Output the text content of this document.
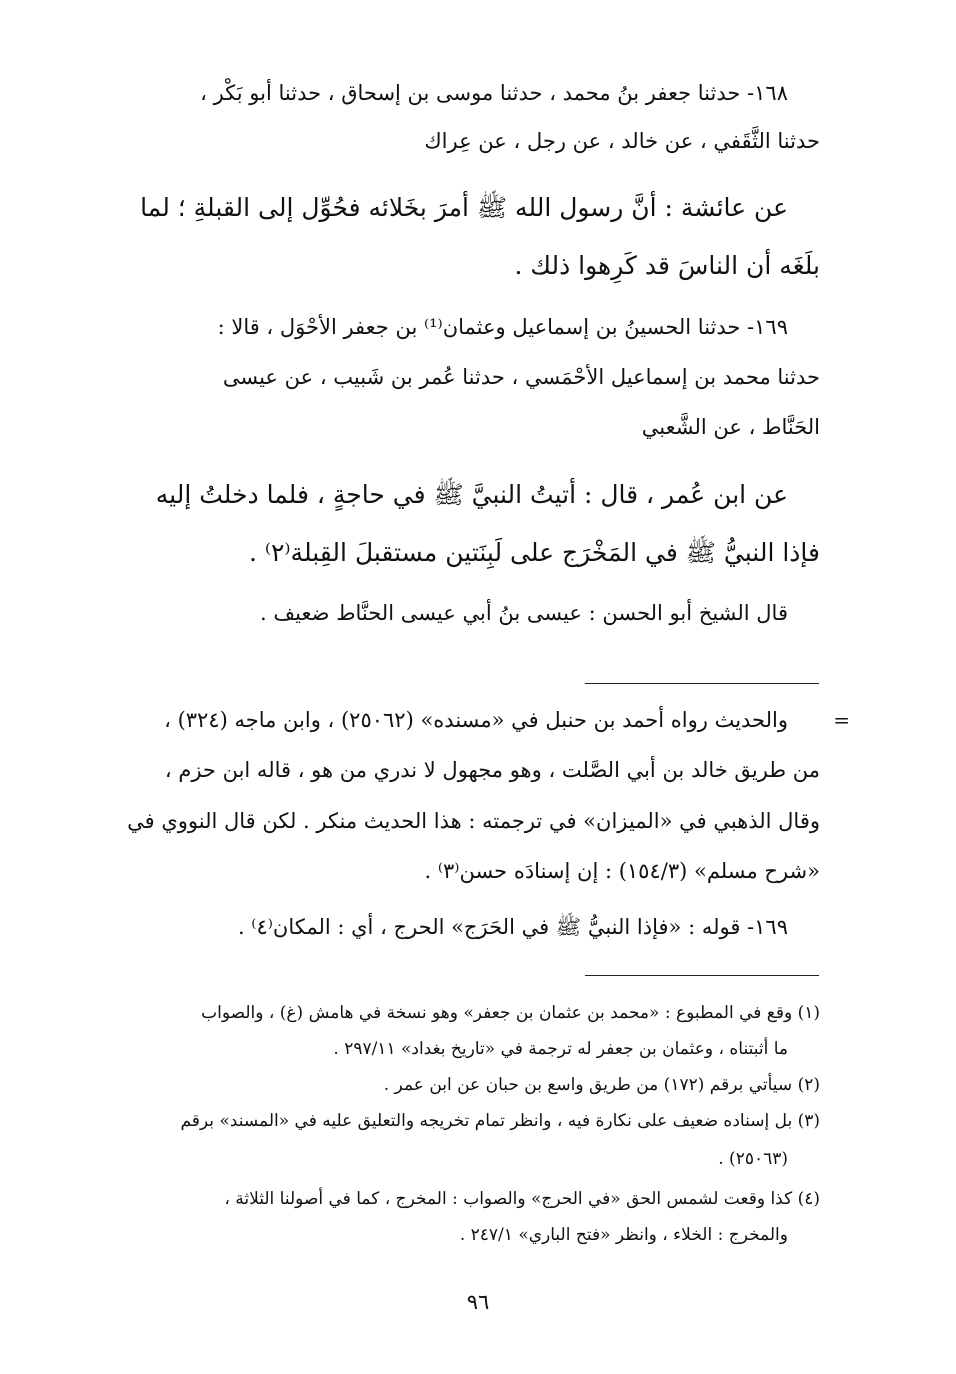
١٦٨- حدثنا جعفر بنُ محمد ، حدثنا موسى بن إسحاق ، حدثنا أبو بَكْر ،
حدثنا الثَّقَفي ، عن خالد ، عن رجل ، عن عِراك
عن عائشة : أنَّ رسول الله ﷺ أمرَ بخَلائه فحُوِّل إلى القبلةِ ؛ لما
بلَغَه أن الناسَ قد كَرِهوا ذلك .
١٦٩- حدثنا الحسينُ بن إسماعيل وعثمان⁽¹⁾ بن جعفر الأحْوَل ، قالا :
حدثنا محمد بن إسماعيل الأحْمَسي ، حدثنا عُمر بن شَبيب ، عن عيسى
الحَنَّاط ، عن الشَّعبي
عن ابن عُمر ، قال : أتيتُ النبيَّ ﷺ في حاجةٍ ، فلما دخلتُ إليه
فإذا النبيُّ ﷺ في المَخْرَج على لَبِنَتين مستقبلَ القِبلة⁽٢⁾ .
قال الشيخ أبو الحسن : عيسى بنُ أبي عيسى الحنَّاط ضعيف .
=
والحديث رواه أحمد بن حنبل في «مسنده» (٢٥٠٦٢) ، وابن ماجه (٣٢٤) ،
من طريق خالد بن أبي الصَّلت ، وهو مجهول لا ندري من هو ، قاله ابن حزم ،
وقال الذهبي في «الميزان» في ترجمته : هذا الحديث منكر . لكن قال النووي في
«شرح مسلم» (١٥٤/٣) : إن إسنادَه حسن⁽٣⁾ .
١٦٩- قوله : «فإذا النبيُّ ﷺ في الحَرَج» الحرج ، أي : المكان⁽٤⁾ .
(١) وقع في المطبوع : «محمد بن عثمان بن جعفر» وهو نسخة في هامش (غ) ، والصواب
ما أثبتناه ، وعثمان بن جعفر له ترجمة في «تاريخ بغداد» ٢٩٧/١١ .
(٢) سيأتي برقم (١٧٢) من طريق واسع بن حبان عن ابن عمر .
(٣) بل إسناده ضعيف على نكارة فيه ، وانظر تمام تخريجه والتعليق عليه في «المسند» برقم
(٢٥٠٦٣) .
(٤) كذا وقعت لشمس الحق «في الحرج» والصواب : المخرج ، كما في أصولنا الثلاثة ،
والمخرج : الخلاء ، وانظر «فتح الباري» ٢٤٧/١ .
٩٦
